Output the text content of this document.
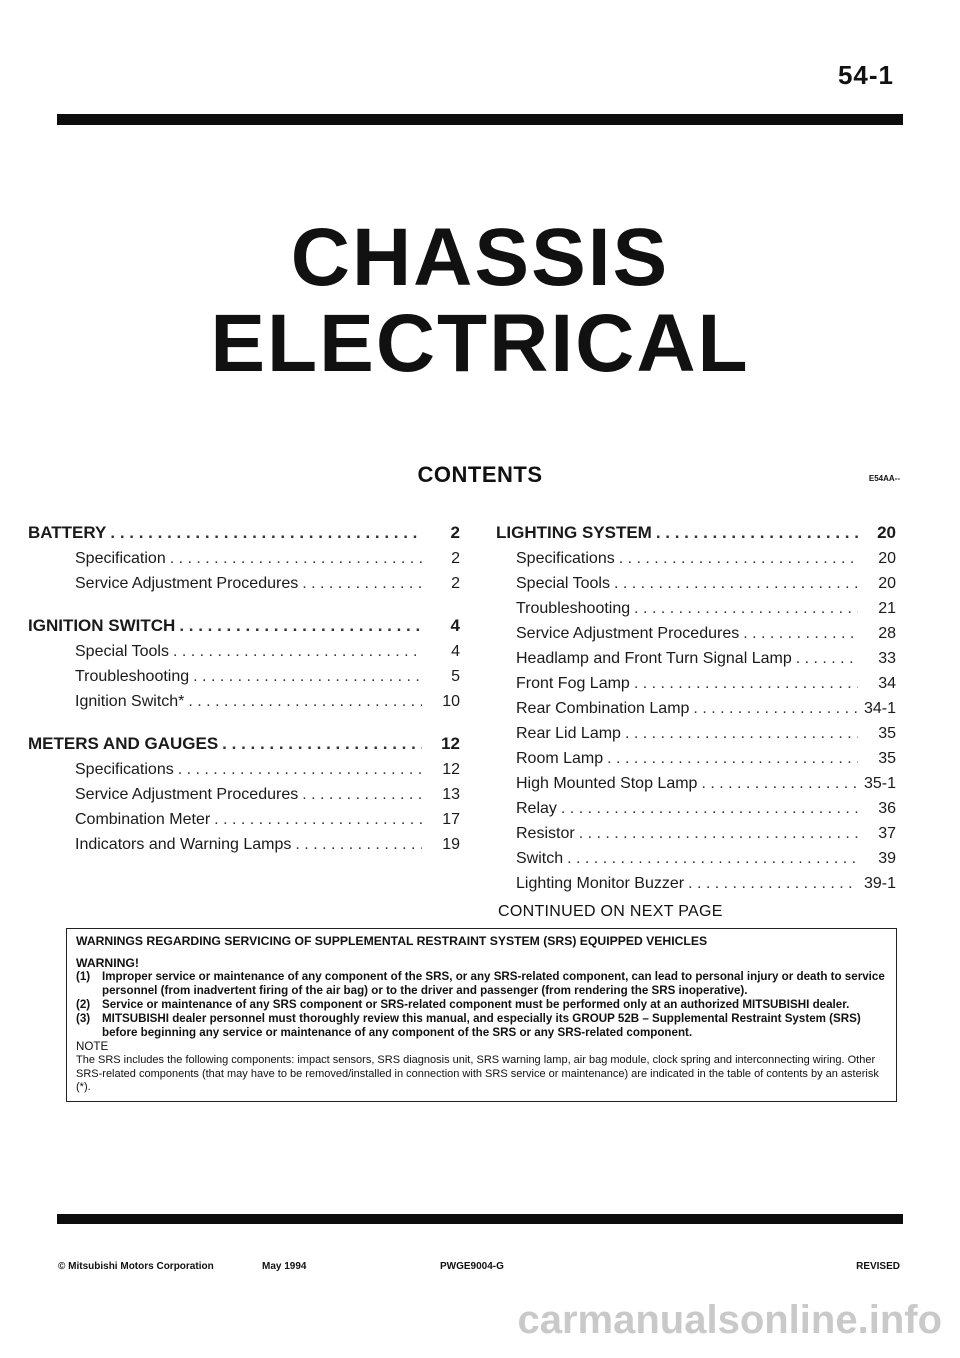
54-1
CHASSIS
ELECTRICAL
CONTENTS	E54AA--
BATTERY . . .	2
Specification . . .	2
Service Adjustment Procedures . . .	2
IGNITION SWITCH . . .	4
Special Tools . . .	4
Troubleshooting . . .	5
Ignition Switch* . . .	10
METERS AND GAUGES . . .	12
Specifications . . .	12
Service Adjustment Procedures . . .	13
Combination Meter . . .	17
Indicators and Warning Lamps . . .	19
LIGHTING SYSTEM . . .	20
Specifications . . .	20
Special Tools . . .	20
Troubleshooting . . .	21
Service Adjustment Procedures . . .	28
Headlamp and Front Turn Signal Lamp . . .	33
Front Fog Lamp . . .	34
Rear Combination Lamp . . .	34-1
Rear Lid Lamp . . .	35
Room Lamp . . .	35
High Mounted Stop Lamp . . .	35-1
Relay . . .	36
Resistor . . .	37
Switch . . .	39
Lighting Monitor Buzzer . . .	39-1
CONTINUED ON NEXT PAGE
WARNINGS REGARDING SERVICING OF SUPPLEMENTAL RESTRAINT SYSTEM (SRS) EQUIPPED VEHICLES
WARNING!
(1)	Improper service or maintenance of any component of the SRS, or any SRS-related component, can lead to personal injury or death to service personnel (from inadvertent firing of the air bag) or to the driver and passenger (from rendering the SRS inoperative).
(2)	Service or maintenance of any SRS component or SRS-related component must be performed only at an authorized MITSUBISHI dealer.
(3)	MITSUBISHI dealer personnel must thoroughly review this manual, and especially its GROUP 52B – Supplemental Restraint System (SRS) before beginning any service or maintenance of any component of the SRS or any SRS-related component.
NOTE
The SRS includes the following components: impact sensors, SRS diagnosis unit, SRS warning lamp, air bag module, clock spring and interconnecting wiring. Other SRS-related components (that may have to be removed/installed in connection with SRS service or maintenance) are indicated in the table of contents by an asterisk (*).
© Mitsubishi Motors Corporation	May 1994	PWGE9004-G	REVISED
carmanualsonline.info
